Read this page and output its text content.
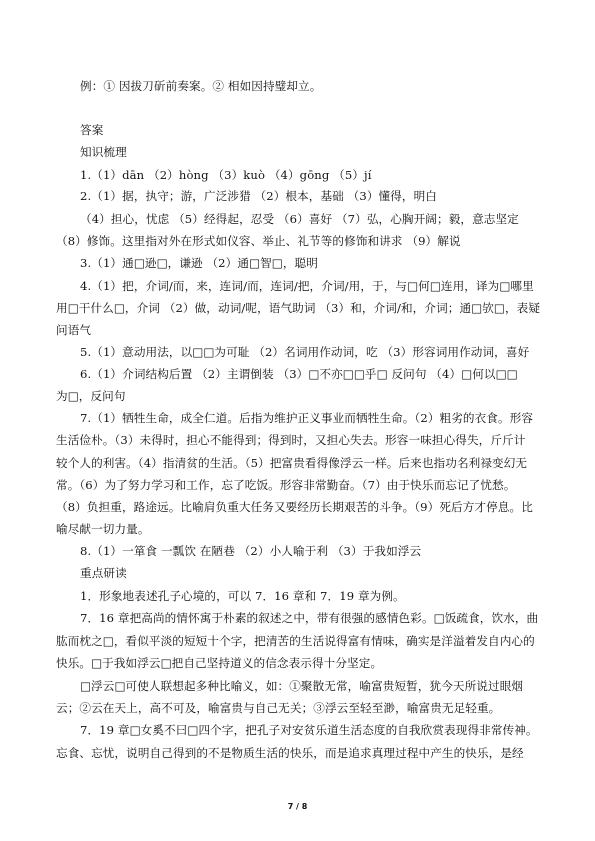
例：① 因拔刀斫前奏案。② 相如因持璧却立。
答案
知识梳理
1.（1）dān （2）hòng （3）kuò （4）gōng （5）jí
2.（1）据，执守；游，广泛涉猎 （2）根本，基础 （3）懂得，明白
（4）担心，忧虑 （5）经得起，忍受 （6）喜好 （7）弘，心胸开阔；毅，意志坚定
（8）修饰。这里指对外在形式如仪容、举止、礼节等的修饰和讲求 （9）解说
3.（1）通□逊□，谦逊 （2）通□智□，聪明
4.（1）把，介词/而，来，连词/而，连词/把，介词/用，于，与□何□连用，译为□哪里
用□干什么□，介词 （2）做，动词/呢，语气助词 （3）和，介词/和，介词；通□欤□，表疑
问语气
5.（1）意动用法，以□□为可耻 （2）名词用作动词，吃 （3）形容词用作动词，喜好
6.（1）介词结构后置 （2）主谓倒装 （3）□不亦□□乎□ 反问句 （4）□何以□□
为□，反问句
7.（1）牺牲生命，成全仁道。后指为维护正义事业而牺牲生命。（2）粗劣的衣食。形容
生活俭朴。（3）未得时，担心不能得到；得到时，又担心失去。形容一味担心得失，斤斤计
较个人的利害。（4）指清贫的生活。（5）把富贵看得像浮云一样。后来也指功名利禄变幻无
常。（6）为了努力学习和工作，忘了吃饭。形容非常勤奋。（7）由于快乐而忘记了忧愁。
（8）负担重，路途远。比喻肩负重大任务又要经历长期艰苦的斗争。（9）死后方才停息。比
喻尽献一切力量。
8.（1）一箪食 一瓢饮 在陋巷 （2）小人喻于利 （3）于我如浮云
重点研读
1．形象地表述孔子心境的，可以 7．16 章和 7．19 章为例。
7．16 章把高尚的情怀寓于朴素的叙述之中，带有很强的感情色彩。□饭疏食，饮水，曲
肱而枕之□，看似平淡的短短十个字，把清苦的生活说得富有情味，确实是洋溢着发自内心的
快乐。□于我如浮云□把自己坚持道义的信念表示得十分坚定。
□浮云□可使人联想起多种比喻义，如：①聚散无常，喻富贵短暂，犹今天所说过眼烟
云；②云在天上，高不可及，喻富贵与自己无关；③浮云至轻至渺，喻富贵无足轻重。
7．19 章□女奚不曰□四个字，把孔子对安贫乐道生活态度的自我欣赏表现得非常传神。
忘食、忘忧，说明自己得到的不是物质生活的快乐，而是追求真理过程中产生的快乐，是经
7 / 8
